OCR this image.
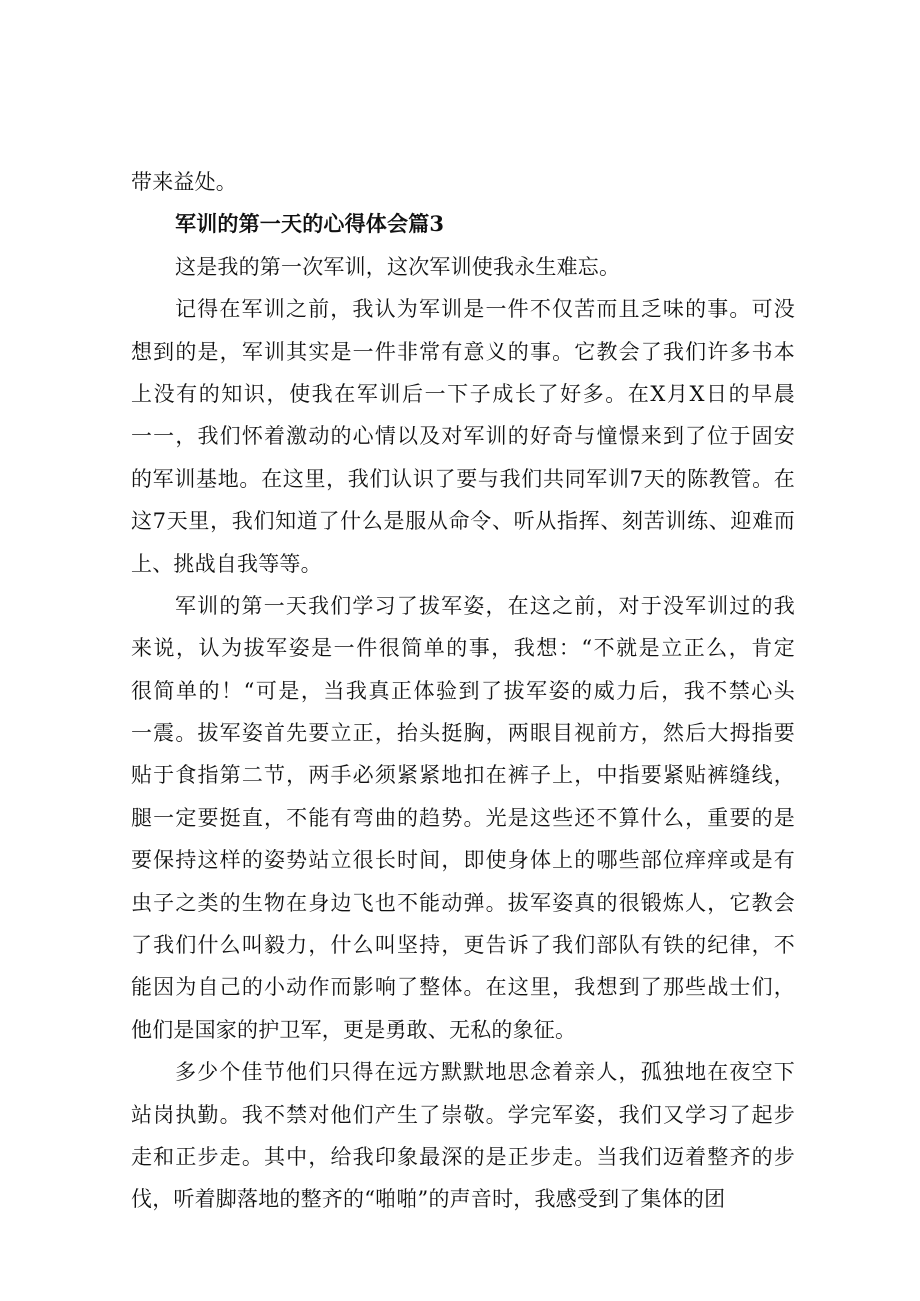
带来益处。
军训的第一天的心得体会篇3
这是我的第一次军训，这次军训使我永生难忘。
记得在军训之前，我认为军训是一件不仅苦而且乏味的事。可没
想到的是，军训其实是一件非常有意义的事。它教会了我们许多书本
上没有的知识，使我在军训后一下子成长了好多。在X月X日的早晨
一一，我们怀着激动的心情以及对军训的好奇与憧憬来到了位于固安
的军训基地。在这里，我们认识了要与我们共同军训7天的陈教管。在
这7天里，我们知道了什么是服从命令、听从指挥、刻苦训练、迎难而
上、挑战自我等等。
军训的第一天我们学习了拔军姿，在这之前，对于没军训过的我
来说，认为拔军姿是一件很简单的事，我想：“不就是立正么，肯定
很简单的！“可是，当我真正体验到了拔军姿的威力后，我不禁心头
一震。拔军姿首先要立正，抬头挺胸，两眼目视前方，然后大拇指要
贴于食指第二节，两手必须紧紧地扣在裤子上，中指要紧贴裤缝线，
腿一定要挺直，不能有弯曲的趋势。光是这些还不算什么，重要的是
要保持这样的姿势站立很长时间，即使身体上的哪些部位痒痒或是有
虫子之类的生物在身边飞也不能动弹。拔军姿真的很锻炼人，它教会
了我们什么叫毅力，什么叫坚持，更告诉了我们部队有铁的纪律，不
能因为自己的小动作而影响了整体。在这里，我想到了那些战士们，
他们是国家的护卫军，更是勇敢、无私的象征。
多少个佳节他们只得在远方默默地思念着亲人，孤独地在夜空下
站岗执勤。我不禁对他们产生了崇敬。学完军姿，我们又学习了起步
走和正步走。其中，给我印象最深的是正步走。当我们迈着整齐的步
伐，听着脚落地的整齐的“啪啪”的声音时，我感受到了集体的团
